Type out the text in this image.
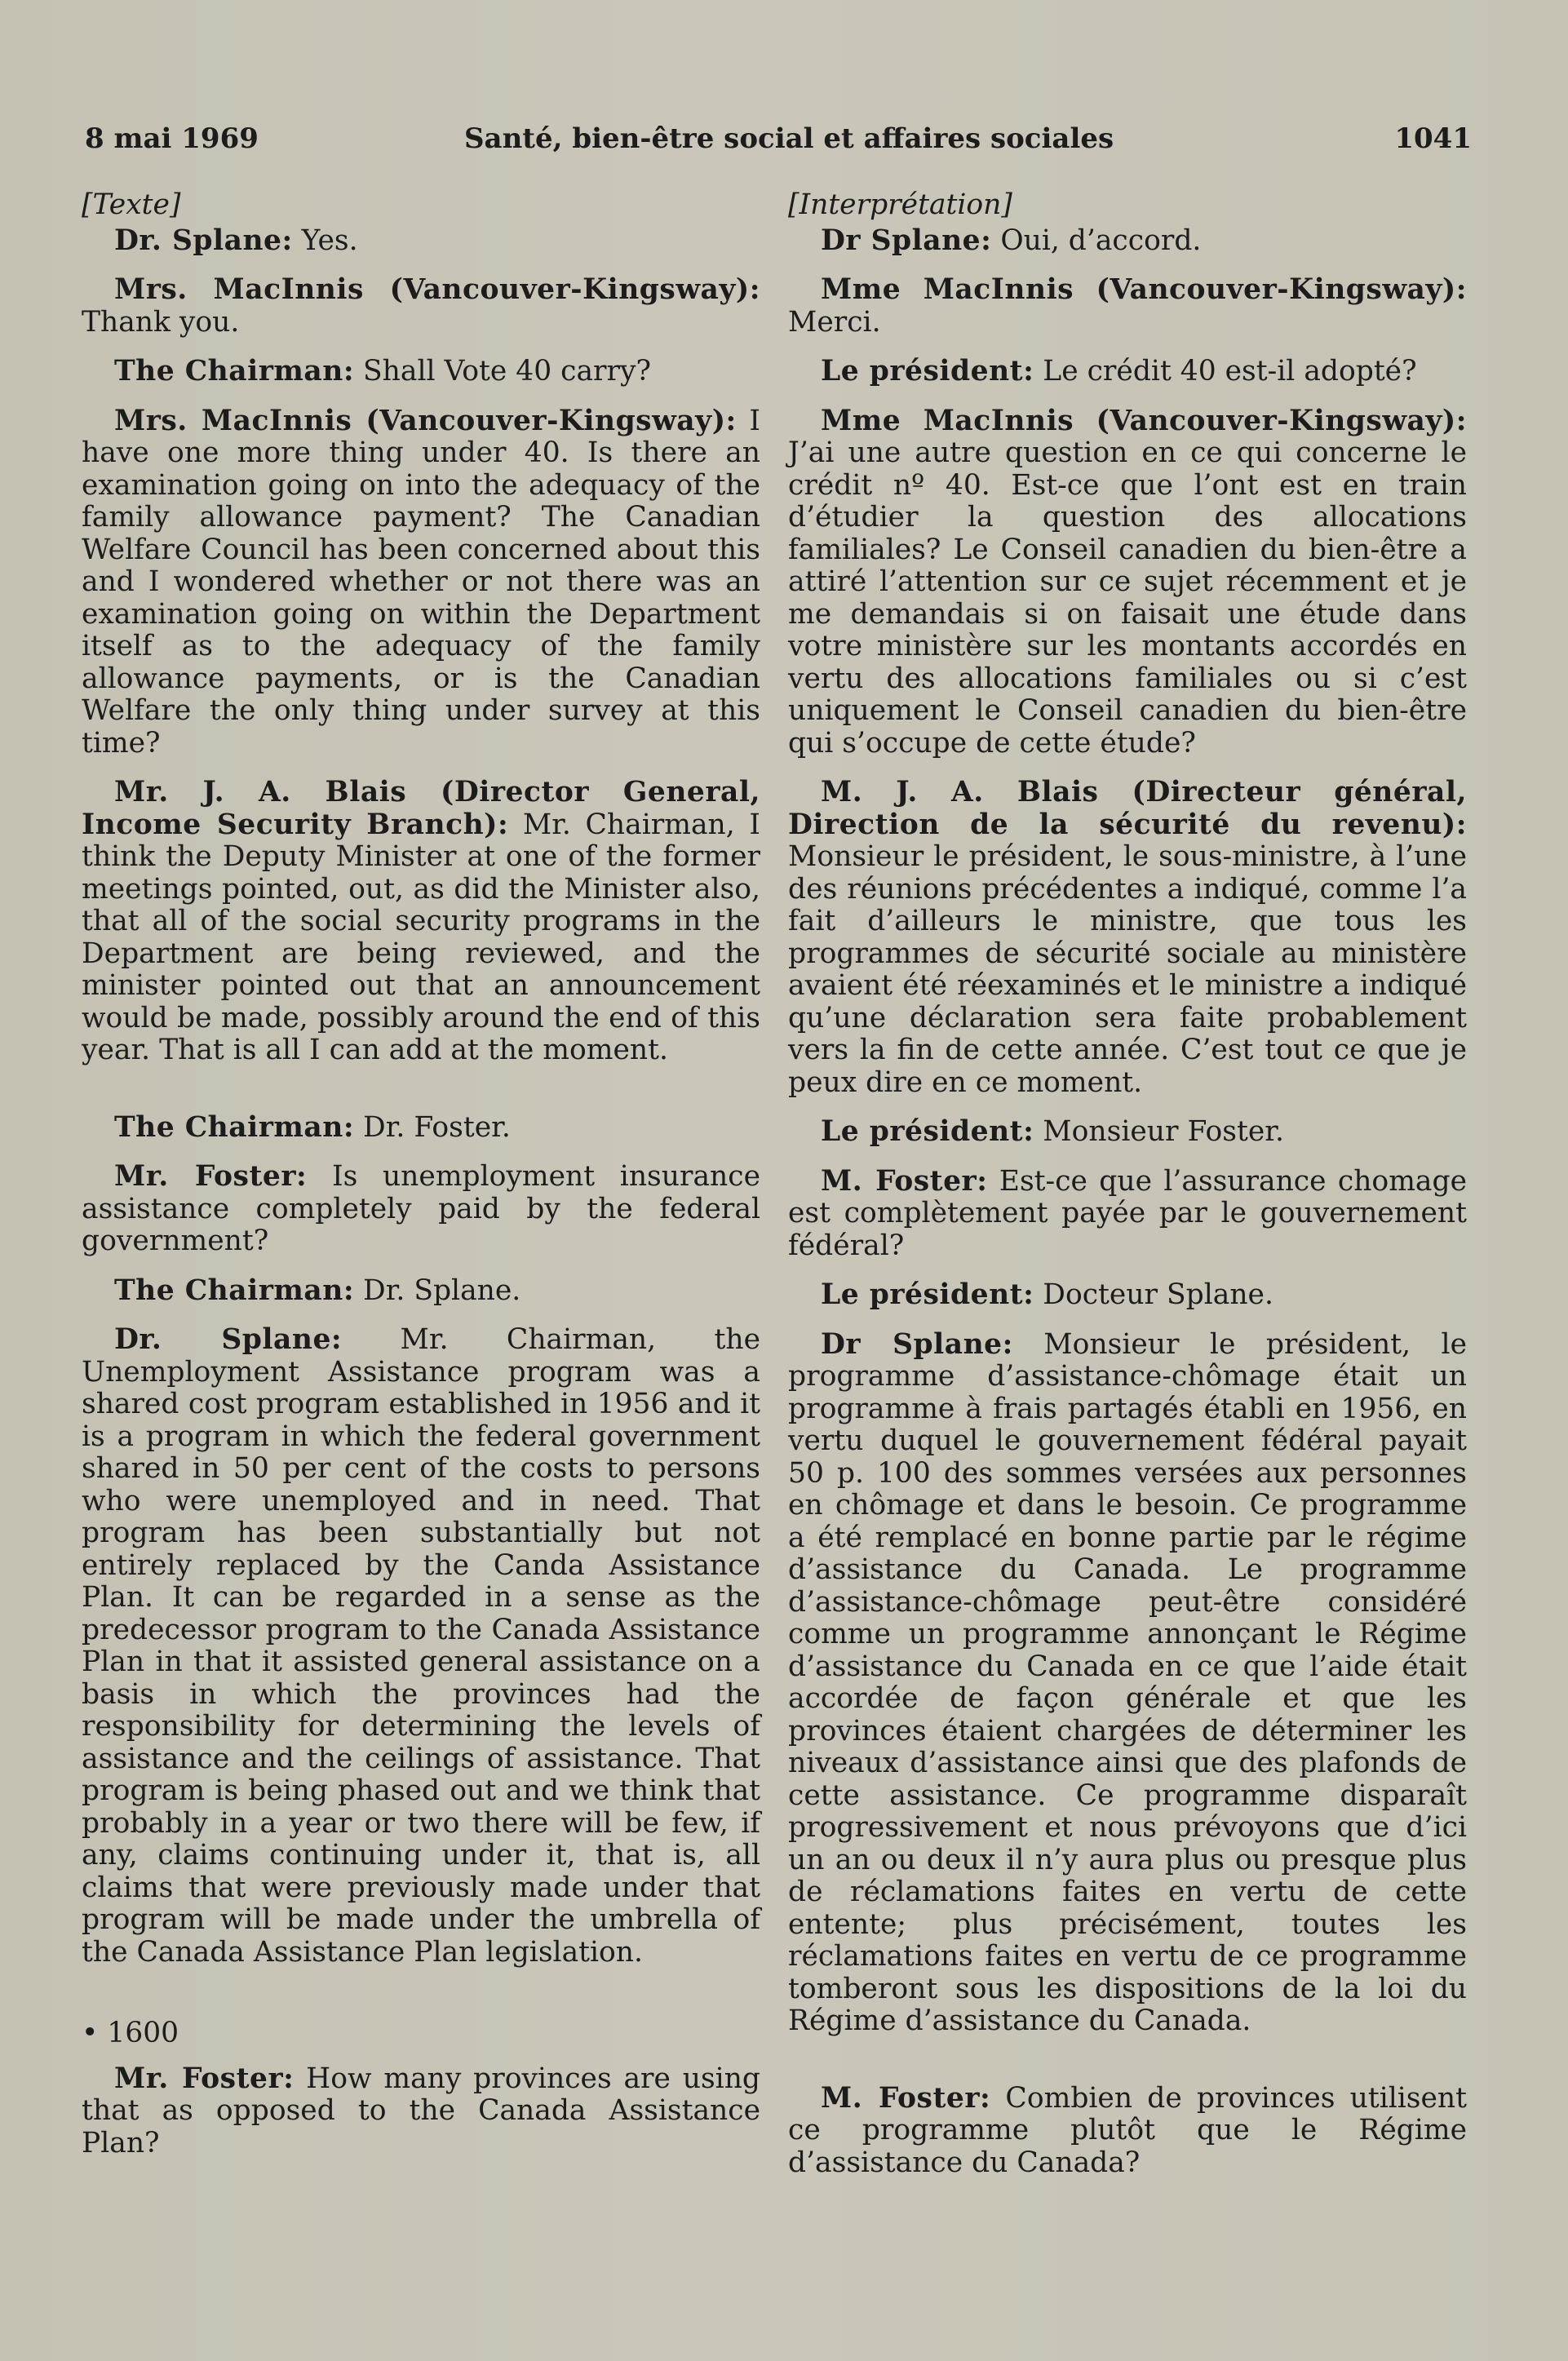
8 mai 1969	Santé, bien-être social et affaires sociales	1041
[Texte]

Dr. Splane: Yes.

Mrs. MacInnis (Vancouver-Kingsway): Thank you.

The Chairman: Shall Vote 40 carry?

Mrs. MacInnis (Vancouver-Kingsway): I have one more thing under 40. Is there an examination going on into the adequacy of the family allowance payment? The Canadian Welfare Council has been concerned about this and I wondered whether or not there was an examination going on within the Department itself as to the adequacy of the family allowance payments, or is the Canadian Welfare the only thing under survey at this time?

Mr. J. A. Blais (Director General, Income Security Branch): Mr. Chairman, I think the Deputy Minister at one of the former meetings pointed, out, as did the Minister also, that all of the social security programs in the Department are being reviewed, and the minister pointed out that an announcement would be made, possibly around the end of this year. That is all I can add at the moment.

The Chairman: Dr. Foster.

Mr. Foster: Is unemployment insurance assistance completely paid by the federal government?

The Chairman: Dr. Splane.

Dr. Splane: Mr. Chairman, the Unemployment Assistance program was a shared cost program established in 1956 and it is a program in which the federal government shared in 50 per cent of the costs to persons who were unemployed and in need. That program has been substantially but not entirely replaced by the Canda Assistance Plan. It can be regarded in a sense as the predecessor program to the Canada Assistance Plan in that it assisted general assistance on a basis in which the provinces had the responsibility for determining the levels of assistance and the ceilings of assistance. That program is being phased out and we think that probably in a year or two there will be few, if any, claims continuing under it, that is, all claims that were previously made under that program will be made under the umbrella of the Canada Assistance Plan legislation.

• 1600

Mr. Foster: How many provinces are using that as opposed to the Canada Assistance Plan?

[Interprétation]

Dr Splane: Oui, d’accord.

Mme MacInnis (Vancouver-Kingsway): Merci.

Le président: Le crédit 40 est-il adopté?

Mme MacInnis (Vancouver-Kingsway): J’ai une autre question en ce qui concerne le crédit nº 40. Est-ce que l’ont est en train d’étudier la question des allocations familiales? Le Conseil canadien du bien-être a attiré l’attention sur ce sujet récemment et je me demandais si on faisait une étude dans votre ministère sur les montants accordés en vertu des allocations familiales ou si c’est uniquement le Conseil canadien du bien-être qui s’occupe de cette étude?

M. J. A. Blais (Directeur général, Direction de la sécurité du revenu): Monsieur le président, le sous-ministre, à l’une des réunions précédentes a indiqué, comme l’a fait d’ailleurs le ministre, que tous les programmes de sécurité sociale au ministère avaient été réexaminés et le ministre a indiqué qu’une déclaration sera faite probablement vers la fin de cette année. C’est tout ce que je peux dire en ce moment.

Le président: Monsieur Foster.

M. Foster: Est-ce que l’assurance chomage est complètement payée par le gouvernement fédéral?

Le président: Docteur Splane.

Dr Splane: Monsieur le président, le programme d’assistance-chômage était un programme à frais partagés établi en 1956, en vertu duquel le gouvernement fédéral payait 50 p. 100 des sommes versées aux personnes en chômage et dans le besoin. Ce programme a été remplacé en bonne partie par le régime d’assistance du Canada. Le programme d’assistance-chômage peut-être considéré comme un programme annonçant le Régime d’assistance du Canada en ce que l’aide était accordée de façon générale et que les provinces étaient chargées de déterminer les niveaux d’assistance ainsi que des plafonds de cette assistance. Ce programme disparaît progressivement et nous prévoyons que d’ici un an ou deux il n’y aura plus ou presque plus de réclamations faites en vertu de cette entente; plus précisément, toutes les réclamations faites en vertu de ce programme tomberont sous les dispositions de la loi du Régime d’assistance du Canada.

M. Foster: Combien de provinces utilisent ce programme plutôt que le Régime d’assistance du Canada?
